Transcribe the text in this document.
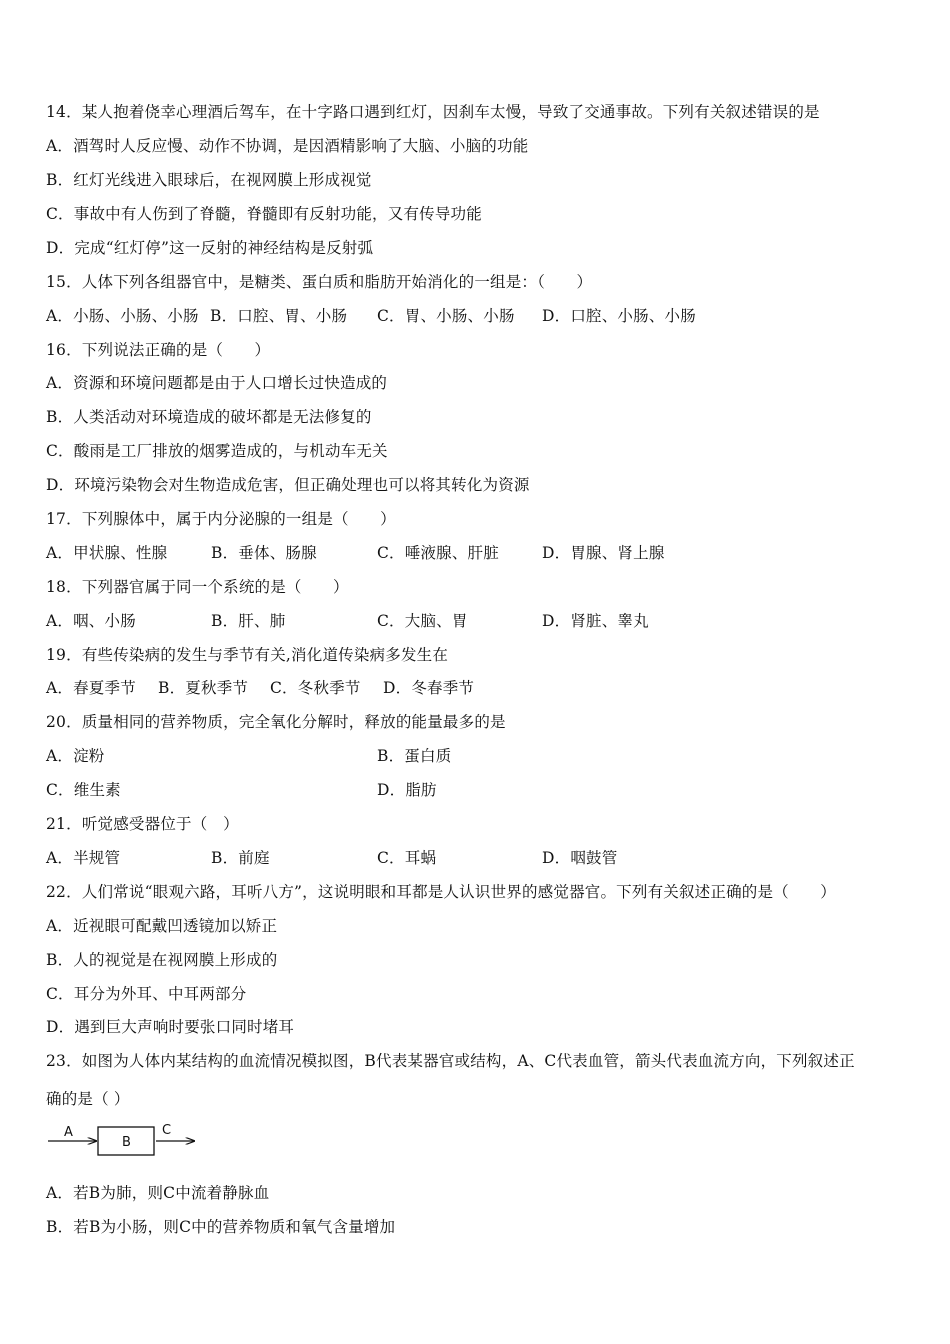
14．某人抱着侥幸心理酒后驾车，在十字路口遇到红灯，因刹车太慢，导致了交通事故。下列有关叙述错误的是
A．酒驾时人反应慢、动作不协调，是因酒精影响了大脑、小脑的功能
B．红灯光线进入眼球后，在视网膜上形成视觉
C．事故中有人伤到了脊髓，脊髓即有反射功能，又有传导功能
D．完成“红灯停”这一反射的神经结构是反射弧
15．人体下列各组器官中，是糖类、蛋白质和脂肪开始消化的一组是：（　　）
A．小肠、小肠、小肠 B．口腔、胃、小肠 C．胃、小肠、小肠 D．口腔、小肠、小肠
16．下列说法正确的是（　　）
A．资源和环境问题都是由于人口增长过快造成的
B．人类活动对环境造成的破坏都是无法修复的
C．酸雨是工厂排放的烟雾造成的，与机动车无关
D．环境污染物会对生物造成危害，但正确处理也可以将其转化为资源
17．下列腺体中，属于内分泌腺的一组是（　　）
A．甲状腺、性腺	B．垂体、肠腺	C．唾液腺、肝脏	D．胃腺、肾上腺
18．下列器官属于同一个系统的是（　　）
A．咽、小肠	B．肝、肺	C．大脑、胃	D．肾脏、睾丸
19．有些传染病的发生与季节有关,消化道传染病多发生在
A．春夏季节 B．夏秋季节 C．冬秋季节 D．冬春季节
20．质量相同的营养物质，完全氧化分解时，释放的能量最多的是
A．淀粉	B．蛋白质
C．维生素	D．脂肪
21．听觉感受器位于（　）
A．半规管	B．前庭	C．耳蜗	D．咽鼓管
22．人们常说“眼观六路，耳听八方”，这说明眼和耳都是人认识世界的感觉器官。下列有关叙述正确的是（　　）
A．近视眼可配戴凹透镜加以矫正
B．人的视觉是在视网膜上形成的
C．耳分为外耳、中耳两部分
D．遇到巨大声响时要张口同时堵耳
23．如图为人体内某结构的血流情况模拟图，B代表某器官或结构，A、C代表血管，箭头代表血流方向，下列叙述正
确的是（ ）
A
B
C
A．若B为肺，则C中流着静脉血
B．若B为小肠，则C中的营养物质和氧气含量增加
